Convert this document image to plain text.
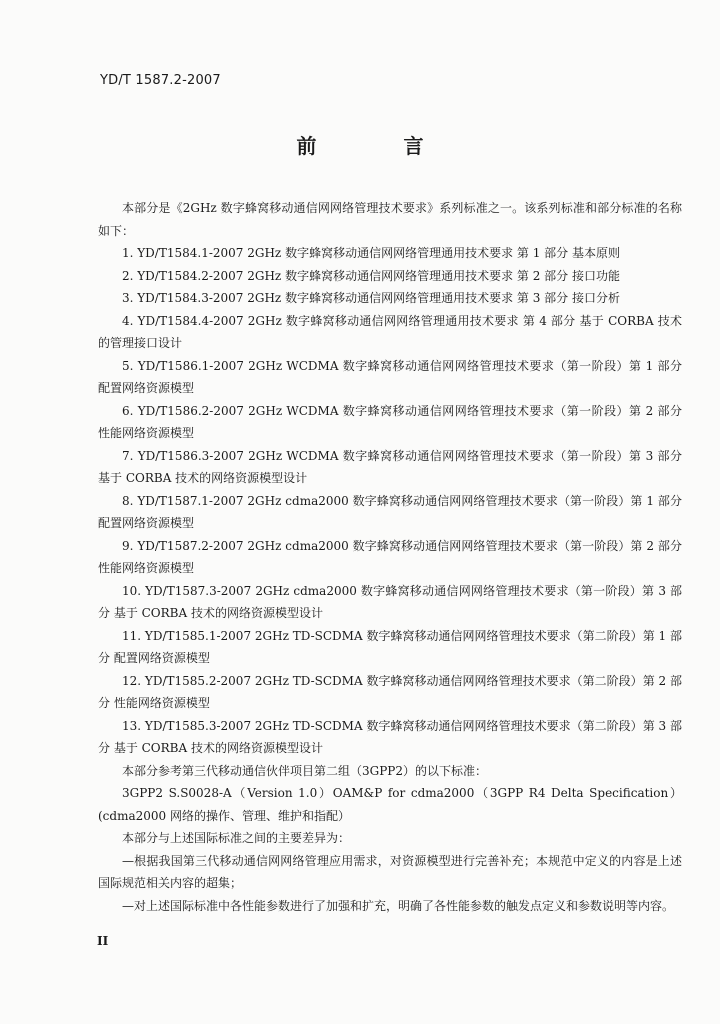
YD/T 1587.2-2007
前 言

本部分是《2GHz 数字蜂窝移动通信网网络管理技术要求》系列标准之一。该系列标准和部分标准的名称如下：

1. YD/T1584.1-2007 2GHz 数字蜂窝移动通信网网络管理通用技术要求 第 1 部分 基本原则

2. YD/T1584.2-2007 2GHz 数字蜂窝移动通信网网络管理通用技术要求 第 2 部分 接口功能

3. YD/T1584.3-2007 2GHz 数字蜂窝移动通信网网络管理通用技术要求 第 3 部分 接口分析

4. YD/T1584.4-2007 2GHz 数字蜂窝移动通信网网络管理通用技术要求 第 4 部分 基于 CORBA 技术的管理接口设计

5. YD/T1586.1-2007 2GHz WCDMA 数字蜂窝移动通信网网络管理技术要求（第一阶段）第 1 部分 配置网络资源模型

6. YD/T1586.2-2007 2GHz WCDMA 数字蜂窝移动通信网网络管理技术要求（第一阶段）第 2 部分 性能网络资源模型

7. YD/T1586.3-2007 2GHz WCDMA 数字蜂窝移动通信网网络管理技术要求（第一阶段）第 3 部分 基于 CORBA 技术的网络资源模型设计

8. YD/T1587.1-2007 2GHz cdma2000 数字蜂窝移动通信网网络管理技术要求（第一阶段）第 1 部分 配置网络资源模型

9. YD/T1587.2-2007 2GHz cdma2000 数字蜂窝移动通信网网络管理技术要求（第一阶段）第 2 部分 性能网络资源模型

10. YD/T1587.3-2007 2GHz cdma2000 数字蜂窝移动通信网网络管理技术要求（第一阶段）第 3 部分 基于 CORBA 技术的网络资源模型设计

11. YD/T1585.1-2007 2GHz TD-SCDMA 数字蜂窝移动通信网网络管理技术要求（第二阶段）第 1 部分 配置网络资源模型

12. YD/T1585.2-2007 2GHz TD-SCDMA 数字蜂窝移动通信网网络管理技术要求（第二阶段）第 2 部分 性能网络资源模型

13. YD/T1585.3-2007 2GHz TD-SCDMA 数字蜂窝移动通信网网络管理技术要求（第二阶段）第 3 部分 基于 CORBA 技术的网络资源模型设计

本部分参考第三代移动通信伙伴项目第二组（3GPP2）的以下标准：

3GPP2 S.S0028-A（Version 1.0）OAM&P for cdma2000（3GPP R4 Delta Specification）(cdma2000 网络的操作、管理、维护和指配）

本部分与上述国际标准之间的主要差异为：

—根据我国第三代移动通信网网络管理应用需求，对资源模型进行完善补充；本规范中定义的内容是上述国际规范相关内容的超集；

—对上述国际标准中各性能参数进行了加强和扩充，明确了各性能参数的触发点定义和参数说明等内容。

II
